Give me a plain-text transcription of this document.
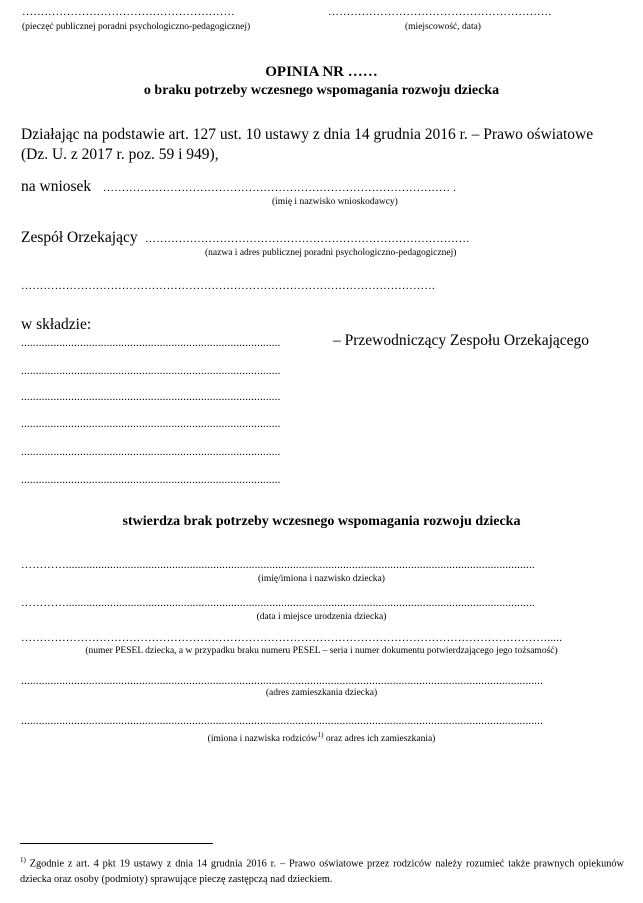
…………………………………………………
(pieczęć publicznej poradni psychologiczno-pedagogicznej)
……………………………………………………
(miejscowość, data)
OPINIA NR ……
o braku potrzeby wczesnego wspomagania rozwoju dziecka
Działając na podstawie art. 127 ust. 10 ustawy z dnia 14 grudnia 2016 r. – Prawo oświatowe
(Dz. U. z 2017 r. poz. 59 i 949),
na wniosek ………………………………………………………………………………… .
(imię i nazwisko wnioskodawcy)
Zespół Orzekający ……………………………………………………………………………
(nazwa i adres publicznej poradni psychologiczno-pedagogicznej)
…………………………………………………………………………………………………
w składzie:
........................................................................................	– Przewodniczący Zespołu Orzekającego
........................................................................................
........................................................................................
........................................................................................
........................................................................................
........................................................................................
stwierdza brak potrzeby wczesnego wspomagania rozwoju dziecka
…………...............................................................................................................................................................
(imię/imiona i nazwisko dziecka)
…………...............................................................................................................................................................
(data i miejsce urodzenia dziecka)
…………………………………………………………………………………………………………………………….....
(numer PESEL dziecka, a w przypadku braku numeru PESEL – seria i numer dokumentu potwierdzającego jego tożsamość)
.................................................................................................................................................................................
(adres zamieszkania dziecka)
.................................................................................................................................................................................
(imiona i nazwiska rodziców$^{1)}$ oraz adres ich zamieszkania)
$^{1)}$ Zgodnie z art. 4 pkt 19 ustawy z dnia 14 grudnia 2016 r. – Prawo oświatowe przez rodziców należy rozumieć także prawnych opiekunów dziecka oraz osoby (podmioty) sprawujące pieczę zastępczą nad dzieckiem.
